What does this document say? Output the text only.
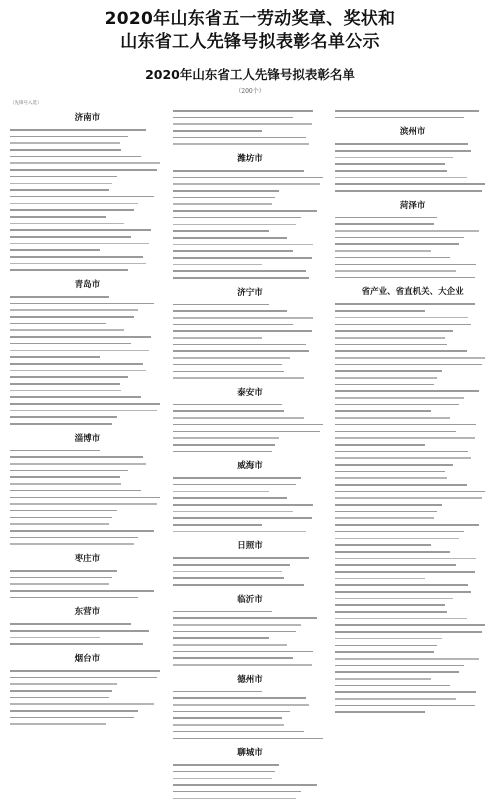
2020年山东省五一劳动奖章、奖状和
山东省工人先锋号拟表彰名单公示
2020年山东省工人先锋号拟表彰名单
（200个）
（先锋号入选）
济南市
青岛市
淄博市
枣庄市
东营市
烟台市
潍坊市
济宁市
泰安市
威海市
日照市
临沂市
德州市
聊城市
滨州市
菏泽市
省产业、省直机关、大企业
